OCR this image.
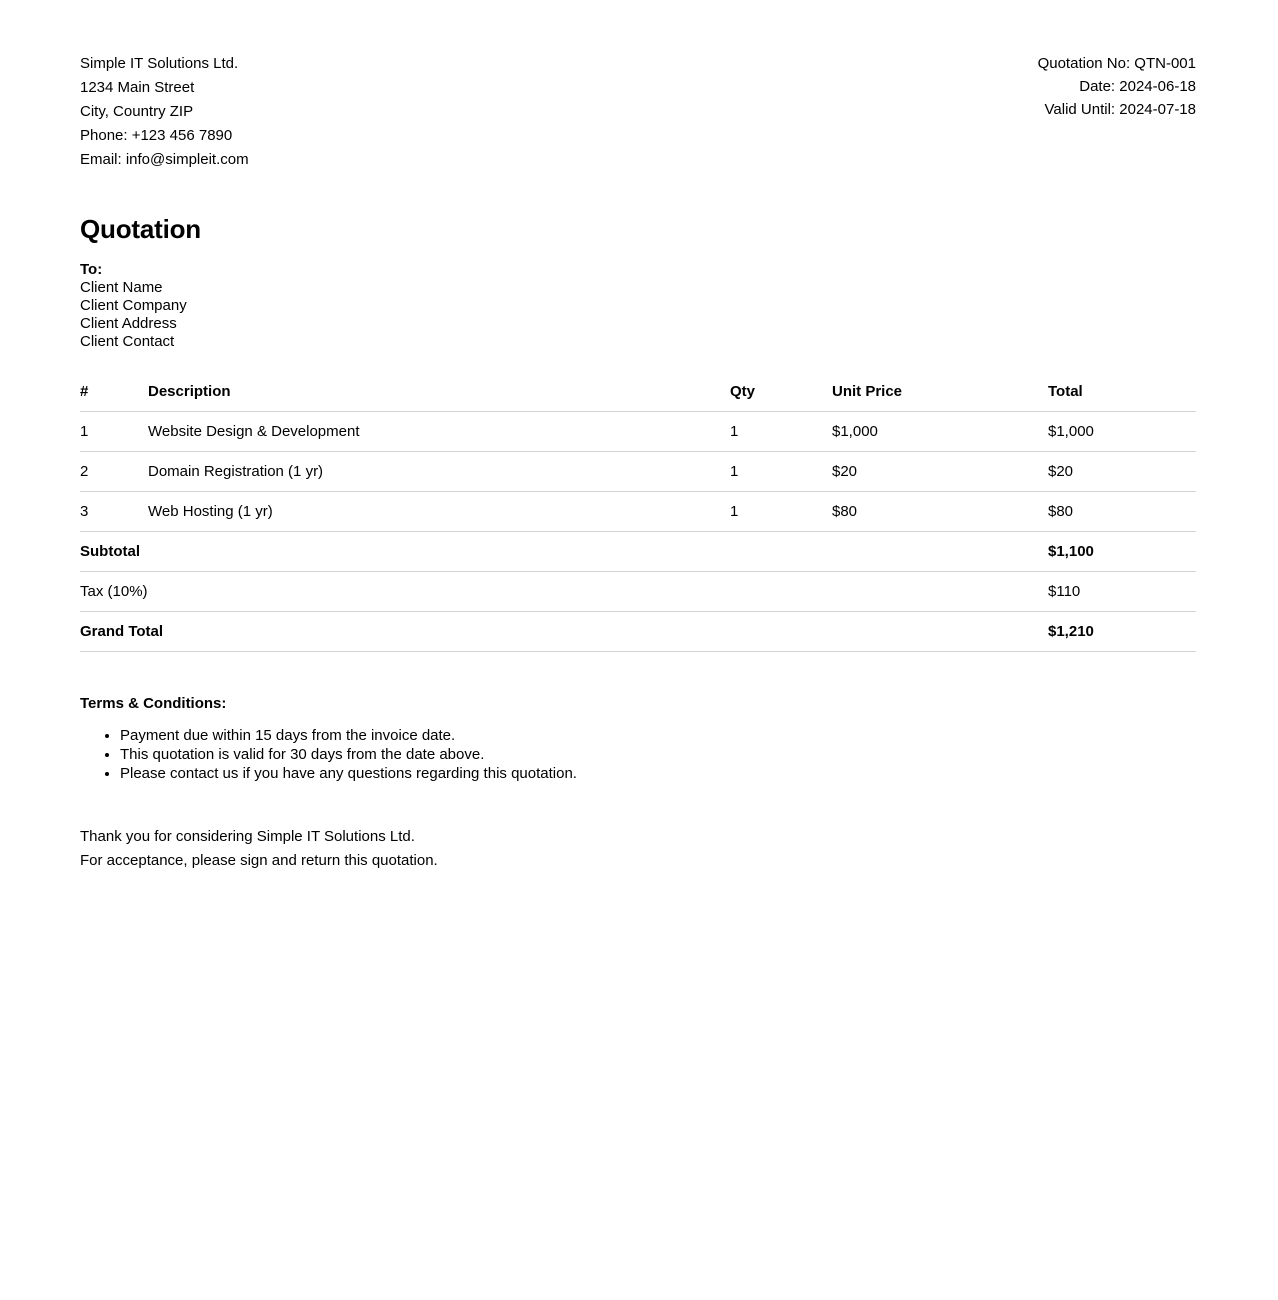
Simple IT Solutions Ltd.
1234 Main Street
City, Country ZIP
Phone: +123 456 7890
Email: info@simpleit.com
Quotation No: QTN-001
Date: 2024-06-18
Valid Until: 2024-07-18
Quotation
To:
Client Name
Client Company
Client Address
Client Contact
#	Description	Qty	Unit Price	Total
1	Website Design & Development	1	$1,000	$1,000
2	Domain Registration (1 yr)	1	$20	$20
3	Web Hosting (1 yr)	1	$80	$80
Subtotal				$1,100
Tax (10%)				$110
Grand Total				$1,210
Terms & Conditions:
• Payment due within 15 days from the invoice date.
• This quotation is valid for 30 days from the date above.
• Please contact us if you have any questions regarding this quotation.
Thank you for considering Simple IT Solutions Ltd.
For acceptance, please sign and return this quotation.
